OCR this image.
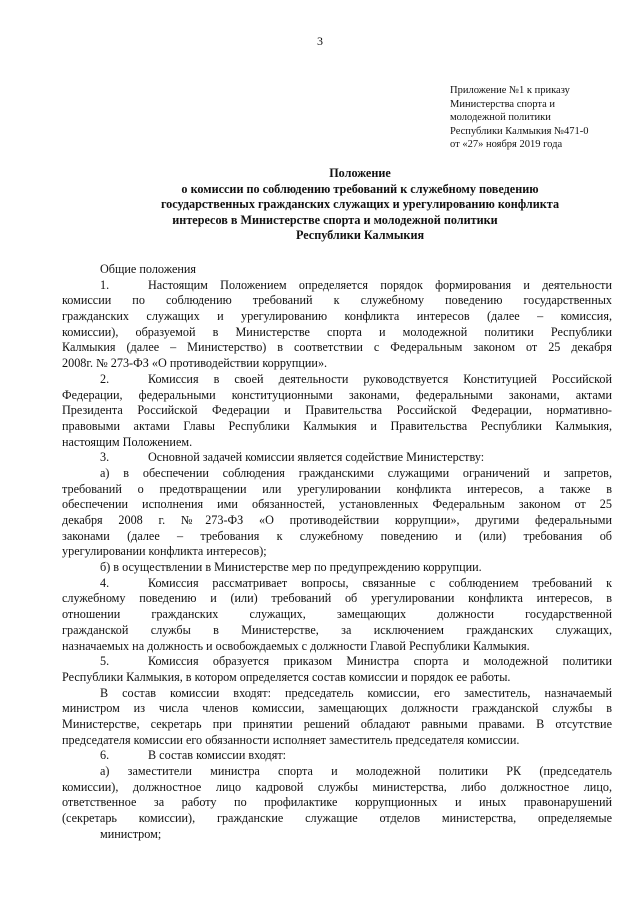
3
Приложение №1 к приказу
Министерства спорта и
молодежной политики
Республики Калмыкия №471-0
от «27» ноября 2019 года
Положение
о комиссии по соблюдению требований к служебному поведению
государственных гражданских служащих и урегулированию конфликта
интересов в Министерстве спорта и молодежной политики
Республики Калмыкия
Общие положения
1.	Настоящим Положением определяется порядок формирования и деятельности
комиссии по соблюдению требований к служебному поведению государственных
гражданских служащих и урегулированию конфликта интересов (далее – комиссия,
комиссии), образуемой в Министерстве спорта и молодежной политики Республики
Калмыкия (далее – Министерство) в соответствии с Федеральным законом от 25 декабря
2008г. № 273-ФЗ «О противодействии коррупции».
2.	Комиссия в своей деятельности руководствуется Конституцией Российской
Федерации, федеральными конституционными законами, федеральными законами, актами
Президента Российской Федерации и Правительства Российской Федерации, нормативно-
правовыми актами Главы Республики Калмыкия и Правительства Республики Калмыкия,
настоящим Положением.
3.	Основной задачей комиссии является содействие Министерству:
а) в обеспечении соблюдения гражданскими служащими ограничений и запретов,
требований о предотвращении или урегулировании конфликта интересов, а также в
обеспечении исполнения ими обязанностей, установленных Федеральным законом от 25
декабря 2008 г. №273-ФЗ «О противодействии коррупции», другими федеральными
законами (далее – требования к служебному поведению и (или) требования об
урегулировании конфликта интересов);
б) в осуществлении в Министерстве мер по предупреждению коррупции.
4.	Комиссия рассматривает вопросы, связанные с соблюдением требований к
служебному поведению и (или) требований об урегулировании конфликта интересов, в
отношении гражданских служащих, замещающих должности государственной
гражданской службы в Министерстве, за исключением гражданских служащих,
назначаемых на должность и освобождаемых с должности Главой Республики Калмыкия.
5.	Комиссия образуется приказом Министра спорта и молодежной политики
Республики Калмыкия, в котором определяется состав комиссии и порядок ее работы.
В состав комиссии входят: председатель комиссии, его заместитель, назначаемый
министром из числа членов комиссии, замещающих должности гражданской службы в
Министерстве, секретарь при принятии решений обладают равными правами. В отсутствие
председателя комиссии его обязанности исполняет заместитель председателя комиссии.
6.	В состав комиссии входят:
а) заместители министра спорта и молодежной политики РК (председатель
комиссии), должностное лицо кадровой службы министерства, либо должностное лицо,
ответственное за работу по профилактике коррупционных и иных правонарушений
(секретарь комиссии), гражданские служащие отделов министерства, определяемые
министром;
